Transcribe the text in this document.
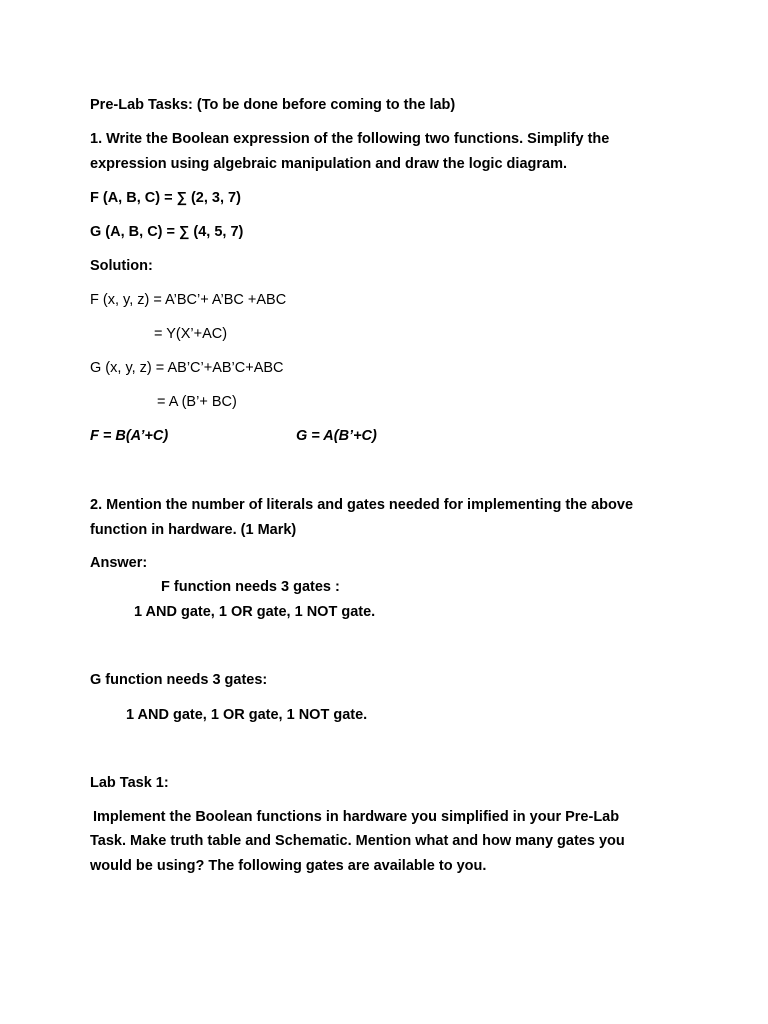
Pre-Lab Tasks: (To be done before coming to the lab)

1. Write the Boolean expression of the following two functions. Simplify the

expression using algebraic manipulation and draw the logic diagram.

F (A, B, C) = ∑ (2, 3, 7)

G (A, B, C) = ∑ (4, 5, 7)

Solution:

F (x, y, z) = A’BC’+ A’BC +ABC

= Y(X’+AC)

G (x, y, z) = AB’C’+AB’C+ABC

= A (B’+ BC)

F = B(A’+C)	G = A(B’+C)

2. Mention the number of literals and gates needed for implementing the above

function in hardware. (1 Mark)

Answer:

F function needs 3 gates :

1 AND gate, 1 OR gate, 1 NOT gate.

G function needs 3 gates:

1 AND gate, 1 OR gate, 1 NOT gate.

Lab Task 1:

Implement the Boolean functions in hardware you simplified in your Pre-Lab

Task. Make truth table and Schematic. Mention what and how many gates you

would be using? The following gates are available to you.
